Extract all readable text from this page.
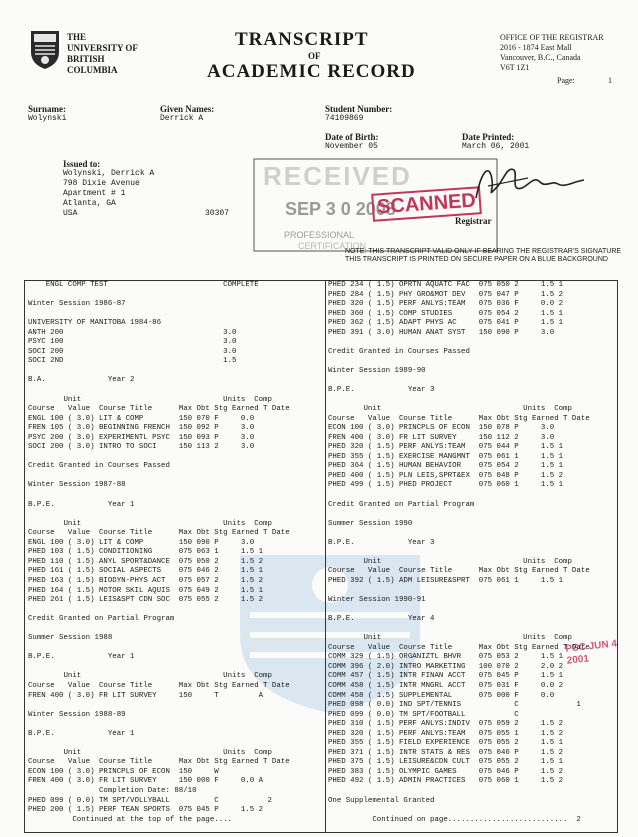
THE
UNIVERSITY OF
BRITISH
COLUMBIA
TRANSCRIPT
OF
ACADEMIC RECORD
OFFICE OF THE REGISTRAR
2016 - 1874 East Mall
Vancouver, B.C., Canada
V6T 1Z1
Page:	1
Surname:
Wolynski
Given Names:
Derrick A
Student Number:
74109869
Date of Birth:
November 05
Date Printed:
March 06, 2001
Issued to:
Wolynski, Derrick A
798 Dixie Avenue
Apartment # 1
Atlanta, GA
USA	30307
RECEIVED
SEP 3 0 2008
SCANNED
PROFESSIONAL
CERTIFICATION
Registrar
NOTE: THIS TRANSCRIPT VALID ONLY IF BEARING THE REGISTRAR'S SIGNATURE
THIS TRANSCRIPT IS PRINTED ON SECURE PAPER ON A BLUE BACKGROUND
PSC JUN 4 2001
ENGL COMP TEST                          COMPLETE
Winter Session 1986-87
UNIVERSITY OF MANITOBA 1984-86
ANTH 200                                    3.0
PSYC 100                                    3.0
SOCI 200                                    3.0
SOCI 2ND                                    1.5
B.A.              Year 2
Unit                                Units  Comp
Course   Value  Course Title      Max Obt Stg Earned T Date
ENGL 100 ( 3.0) LIT & COMP        150 070 F     0.0
FREN 105 ( 3.0) BEGINNING FRENCH  150 092 P     3.0
PSYC 200 ( 3.0) EXPERIMENTL PSYC  150 093 P     3.0
SOCI 200 ( 3.0) INTRO TO SOCI     150 113 2     3.0
Credit Granted in Courses Passed
Winter Session 1987-88
B.P.E.            Year 1
Unit                                Units  Comp
Course   Value  Course Title      Max Obt Stg Earned T Date
ENGL 100 ( 3.0) LIT & COMP        150 090 P     3.0
PHED 103 ( 1.5) CONDITIONING      075 063 1     1.5 1
PHED 110 ( 1.5) ANYL SPORT&DANCE  075 050 2     1.5 2
PHED 161 ( 1.5) SOCIAL ASPECTS    075 046 2     1.5 1
PHED 163 ( 1.5) BIODYN-PHYS ACT   075 057 2     1.5 2
PHED 164 ( 1.5) MOTOR SKIL AQUIS  075 049 2     1.5 1
PHED 261 ( 1.5) LEIS&SPT CDN SOC  075 055 2     1.5 2
Credit Granted on Partial Program
Summer Session 1988
B.P.E.            Year 1
Unit                                Units  Comp
Course   Value  Course Title      Max Obt Stg Earned T Date
FREN 400 ( 3.0) FR LIT SURVEY     150     T         A
Winter Session 1988-89
B.P.E.            Year 1
Unit                                Units  Comp
Course   Value  Course Title      Max Obt Stg Earned T Date
ECON 100 ( 3.0) PRINCPLS OF ECON  150     W
FREN 400 ( 3.0) FR LIT SURVEY     150 000 F     0.0 A
Completion Date: 88/10
PHED 099 ( 0.0) TM SPT/VOLLYBALL          C           2
PHED 200 ( 1.5) PERF TEAN SPORTS  075 045 P     1.5 2
Continued at the top of the page....
PHED 234 ( 1.5) OPRTN AQUATC FAC  075 050 2     1.5 1
PHED 284 ( 1.5) PHY GRO&MOT DEV   075 047 P     1.5 2
PHED 320 ( 1.5) PERF ANLYS:TEAM   075 036 F     0.0 2
PHED 360 ( 1.5) COMP STUDIES      075 054 2     1.5 1
PHED 362 ( 1.5) ADAPT PHYS AC     075 041 P     1.5 1
PHED 391 ( 3.0) HUMAN ANAT SYST   150 090 P     3.0
Credit Granted in Courses Passed
Winter Session 1989-90
B.P.E.            Year 3
Unit                                Units  Comp
Course   Value  Course Title      Max Obt Stg Earned T Date
ECON 100 ( 3.0) PRINCPLS OF ECON  150 078 P     3.0
FREN 400 ( 3.0) FR LIT SURVEY     150 112 2     3.0
PHED 320 ( 1.5) PERF ANLYS:TEAM   075 044 P     1.5 1
PHED 355 ( 1.5) EXERCISE MANGMNT  075 061 1     1.5 1
PHED 364 ( 1.5) HUMAN BEHAVIOR    075 054 2     1.5 1
PHED 400 ( 1.5) PLN LEIS,SPRT&EX  075 048 P     1.5 2
PHED 499 ( 1.5) PHED PROJECT      075 060 1     1.5 1
Credit Granted on Partial Program
Summer Session 1990
B.P.E.            Year 3
Unit                                Units  Comp
Course   Value  Course Title      Max Obt Stg Earned T Date
PHED 392 ( 1.5) ADM LEISURE&SPRT  075 061 1     1.5 1
Winter Session 1990-91
B.P.E.            Year 4
Unit                                Units  Comp
Course   Value  Course Title      Max Obt Stg Earned T Date
COMM 329 ( 1.5) ORGANIZTL BHVR    075 053 2     1.5 1
COMM 396 ( 2.0) INTRO MARKETING   100 070 2     2.0 2
COMM 457 ( 1.5) INTR FINAN ACCT   075 045 P     1.5 1
COMM 458 ( 1.5) INTR MNGRL ACCT   075 031 F     0.0 2
COMM 458 ( 1.5) SUPPLEMENTAL      075 000 F     0.0
PHED 098 ( 0.0) IND SPT/TENNIS            C             1
PHED 099 ( 0.0) TM SPT/FOOTBALL           C
PHED 310 ( 1.5) PERF ANLYS:INDIV  075 059 2     1.5 2
PHED 320 ( 1.5) PERF ANLYS:TEAM   075 055 1     1.5 2
PHED 355 ( 1.5) FIELD EXPERIENCE  075 055 2     1.5 1
PHED 371 ( 1.5) INTR STATS & RES  075 046 P     1.5 2
PHED 375 ( 1.5) LEISURE&CDN CULT  075 055 2     1.5 1
PHED 383 ( 1.5) OLYMPIC GAMES     075 046 P     1.5 2
PHED 492 ( 1.5) ADMIN PRACTICES   075 060 1     1.5 2
One Supplemental Granted
Continued on page...........................  2
